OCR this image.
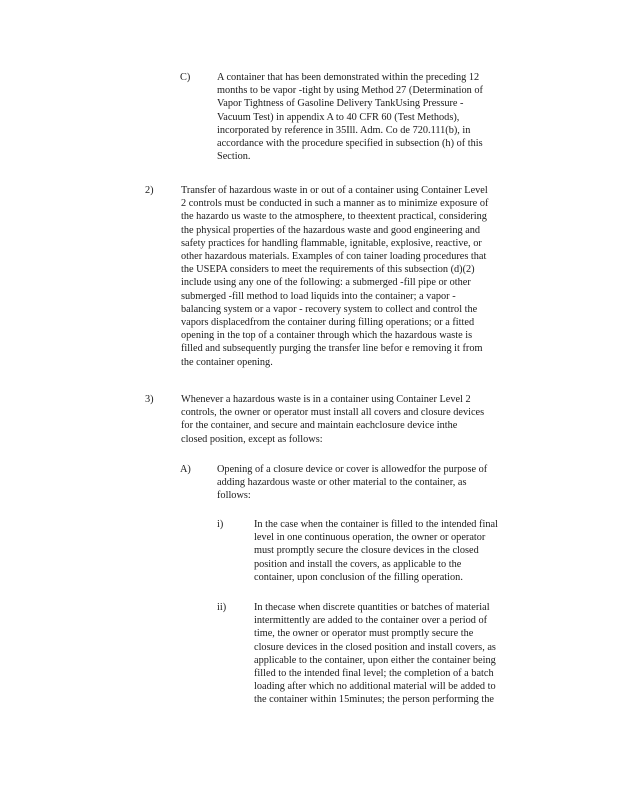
C)	A container that has been demonstrated within the preceding 12
months to be vapor -tight by using Method 27 (Determination of
Vapor Tightness of Gasoline Delivery TankUsing Pressure -
Vacuum Test) in appendix A to 40 CFR 60 (Test Methods),
incorporated by reference in 35Ill. Adm. Co de 720.111(b), in
accordance with the procedure specified in subsection (h) of this
Section.
2)	Transfer of hazardous waste in or out of a container using Container Level
2 controls must be conducted in such a manner as to minimize exposure of
the hazardo us waste to the atmosphere, to theextent practical, considering
the physical properties of the hazardous waste and good engineering and
safety practices for handling flammable, ignitable, explosive, reactive, or
other hazardous materials. Examples of con tainer loading procedures that
the USEPA considers to meet the requirements of this subsection (d)(2)
include using any one of the following: a submerged -fill pipe or other
submerged -fill method to load liquids into the container; a vapor -
balancing system or a vapor - recovery system to collect and control the
vapors displacedfrom the container during filling operations; or a fitted
opening in the top of a container through which the hazardous waste is
filled and subsequently purging the transfer line befor e removing it from
the container opening.
3)	Whenever a hazardous waste is in a container using Container Level 2
controls, the owner or operator must install all covers and closure devices
for the container, and secure and maintain eachclosure device inthe
closed position, except as follows:
A)	Opening of a closure device or cover is allowedfor the purpose of
adding hazardous waste or other material to the container, as
follows:
i)	In the case when the container is filled to the intended final
level in one continuous operation, the owner or operator
must promptly secure the closure devices in the closed
position and install the covers, as applicable to the
container, upon conclusion of the filling operation.
ii)	In thecase when discrete quantities or batches of material
intermittently are added to the container over a period of
time, the owner or operator must promptly secure the
closure devices in the closed position and install covers, as
applicable to the container, upon either the container being
filled to the intended final level; the completion of a batch
loading after which no additional material will be added to
the container within 15minutes; the person performing the
